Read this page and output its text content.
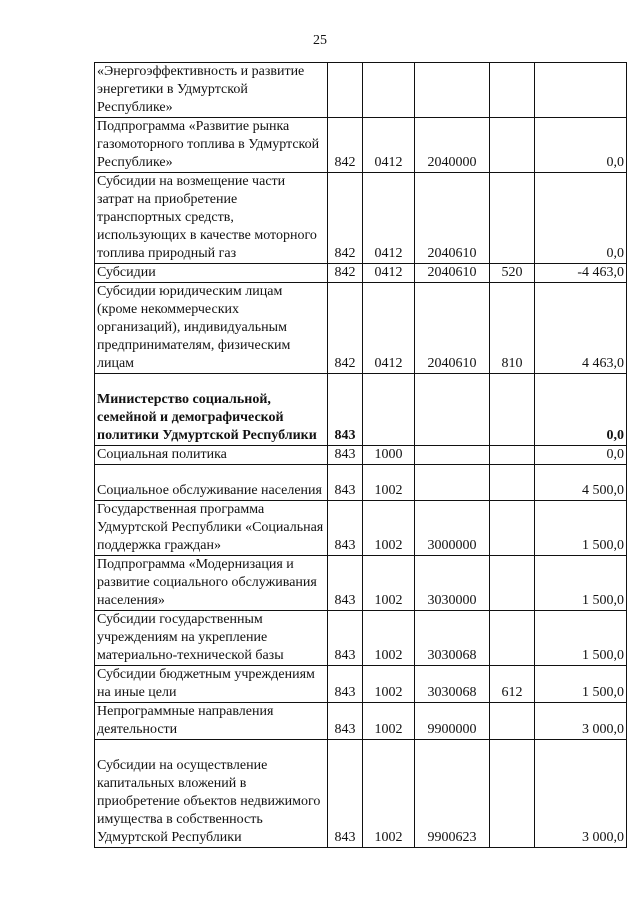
25
«Энергоэффективность и развитие энергетики в Удмуртской Республике»					
Подпрограмма «Развитие рынка газомоторного топлива в Удмуртской Республике»	842	0412	2040000		0,0
Субсидии на возмещение части затрат на приобретение транспортных средств, использующих в качестве моторного топлива природный газ	842	0412	2040610		0,0
Субсидии	842	0412	2040610	520	-4 463,0
Субсидии юридическим лицам (кроме некоммерческих организаций), индивидуальным предпринимателям, физическим лицам	842	0412	2040610	810	4 463,0
Министерство социальной, семейной и демографической политики Удмуртской Республики	843				0,0
Социальная политика	843	1000			0,0
Социальное обслуживание населения	843	1002			4 500,0
Государственная программа Удмуртской Республики «Социальная поддержка граждан»	843	1002	3000000		1 500,0
Подпрограмма «Модернизация и развитие социального обслуживания населения»	843	1002	3030000		1 500,0
Субсидии государственным учреждениям на укрепление материально-технической базы	843	1002	3030068		1 500,0
Субсидии бюджетным учреждениям на иные цели	843	1002	3030068	612	1 500,0
Непрограммные направления деятельности	843	1002	9900000		3 000,0
Субсидии на осуществление капитальных вложений в приобретение объектов недвижимого имущества в собственность Удмуртской Республики	843	1002	9900623		3 000,0
